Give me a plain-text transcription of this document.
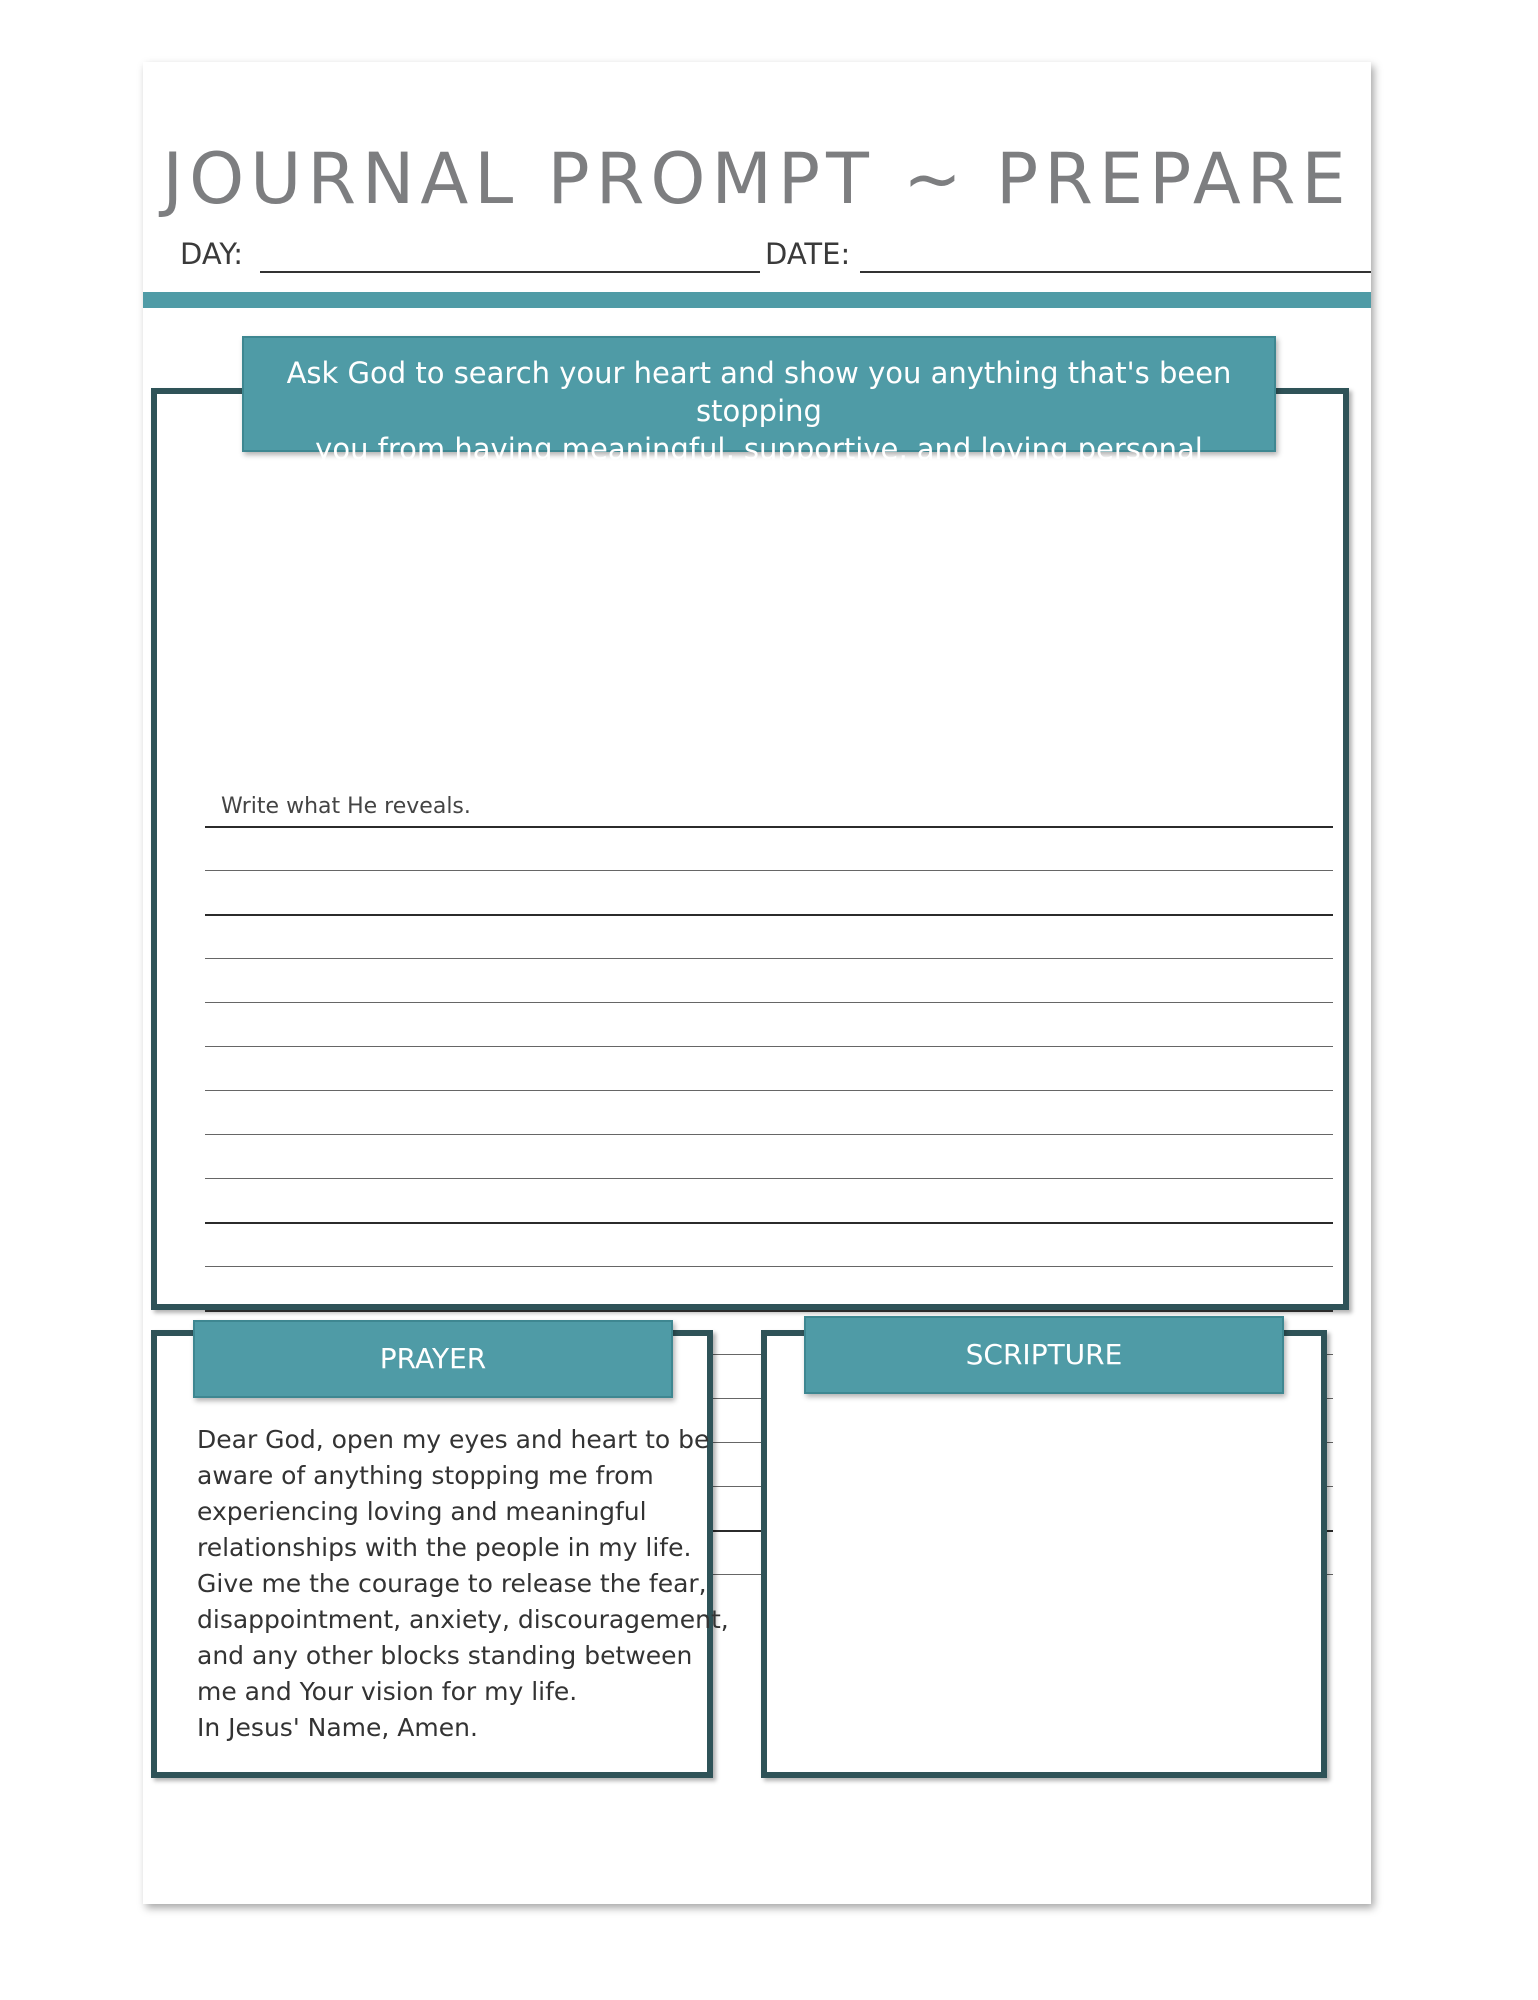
JOURNAL PROMPT ~ PREPARE
DAY:	DATE:
Write what He reveals.
Ask God to search your heart and show you anything that's been stopping
you from having meaningful, supportive, and loving personal relationships
PRAYER
Dear God, open my eyes and heart to be
aware of anything stopping me from
experiencing loving and meaningful
relationships with the people in my life.
Give me the courage to release the fear,
disappointment, anxiety, discouragement,
and any other blocks standing between
me and Your vision for my life.
In Jesus' Name, Amen.
SCRIPTURE
